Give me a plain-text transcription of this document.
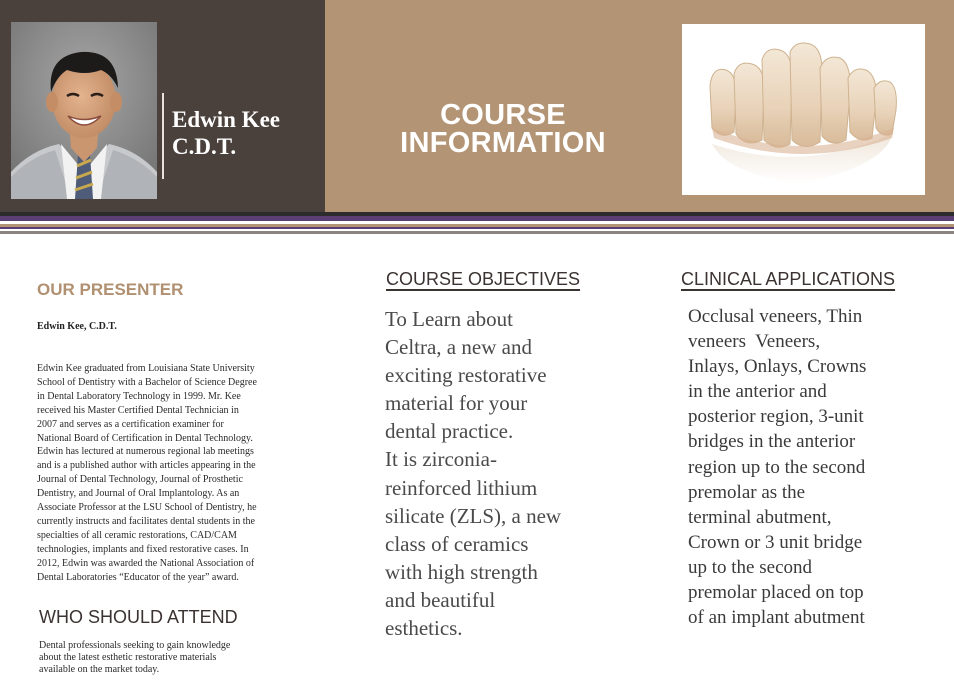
Edwin Kee
C.D.T.
COURSE
INFORMATION
OUR PRESENTER
Edwin Kee, C.D.T.
Edwin Kee graduated from Louisiana State University
School of Dentistry with a Bachelor of Science Degree
in Dental Laboratory Technology in 1999. Mr. Kee
received his Master Certified Dental Technician in
2007 and serves as a certification examiner for
National Board of Certification in Dental Technology.
Edwin has lectured at numerous regional lab meetings
and is a published author with articles appearing in the
Journal of Dental Technology, Journal of Prosthetic
Dentistry, and Journal of Oral Implantology. As an
Associate Professor at the LSU School of Dentistry, he
currently instructs and facilitates dental students in the
specialties of all ceramic restorations, CAD/CAM
technologies, implants and fixed restorative cases. In
2012, Edwin was awarded the National Association of
Dental Laboratories “Educator of the year” award.
WHO SHOULD ATTEND
Dental professionals seeking to gain knowledge
about the latest esthetic restorative materials
available on the market today.
COURSE OBJECTIVES
To Learn about
Celtra, a new and
exciting restorative
material for your
dental practice.
It is zirconia-
reinforced lithium
silicate (ZLS), a new
class of ceramics
with high strength
and beautiful
esthetics.
CLINICAL APPLICATIONS
Occlusal veneers, Thin
veneers  Veneers,
Inlays, Onlays, Crowns
in the anterior and
posterior region, 3-unit
bridges in the anterior
region up to the second
premolar as the
terminal abutment,
Crown or 3 unit bridge
up to the second
premolar placed on top
of an implant abutment
